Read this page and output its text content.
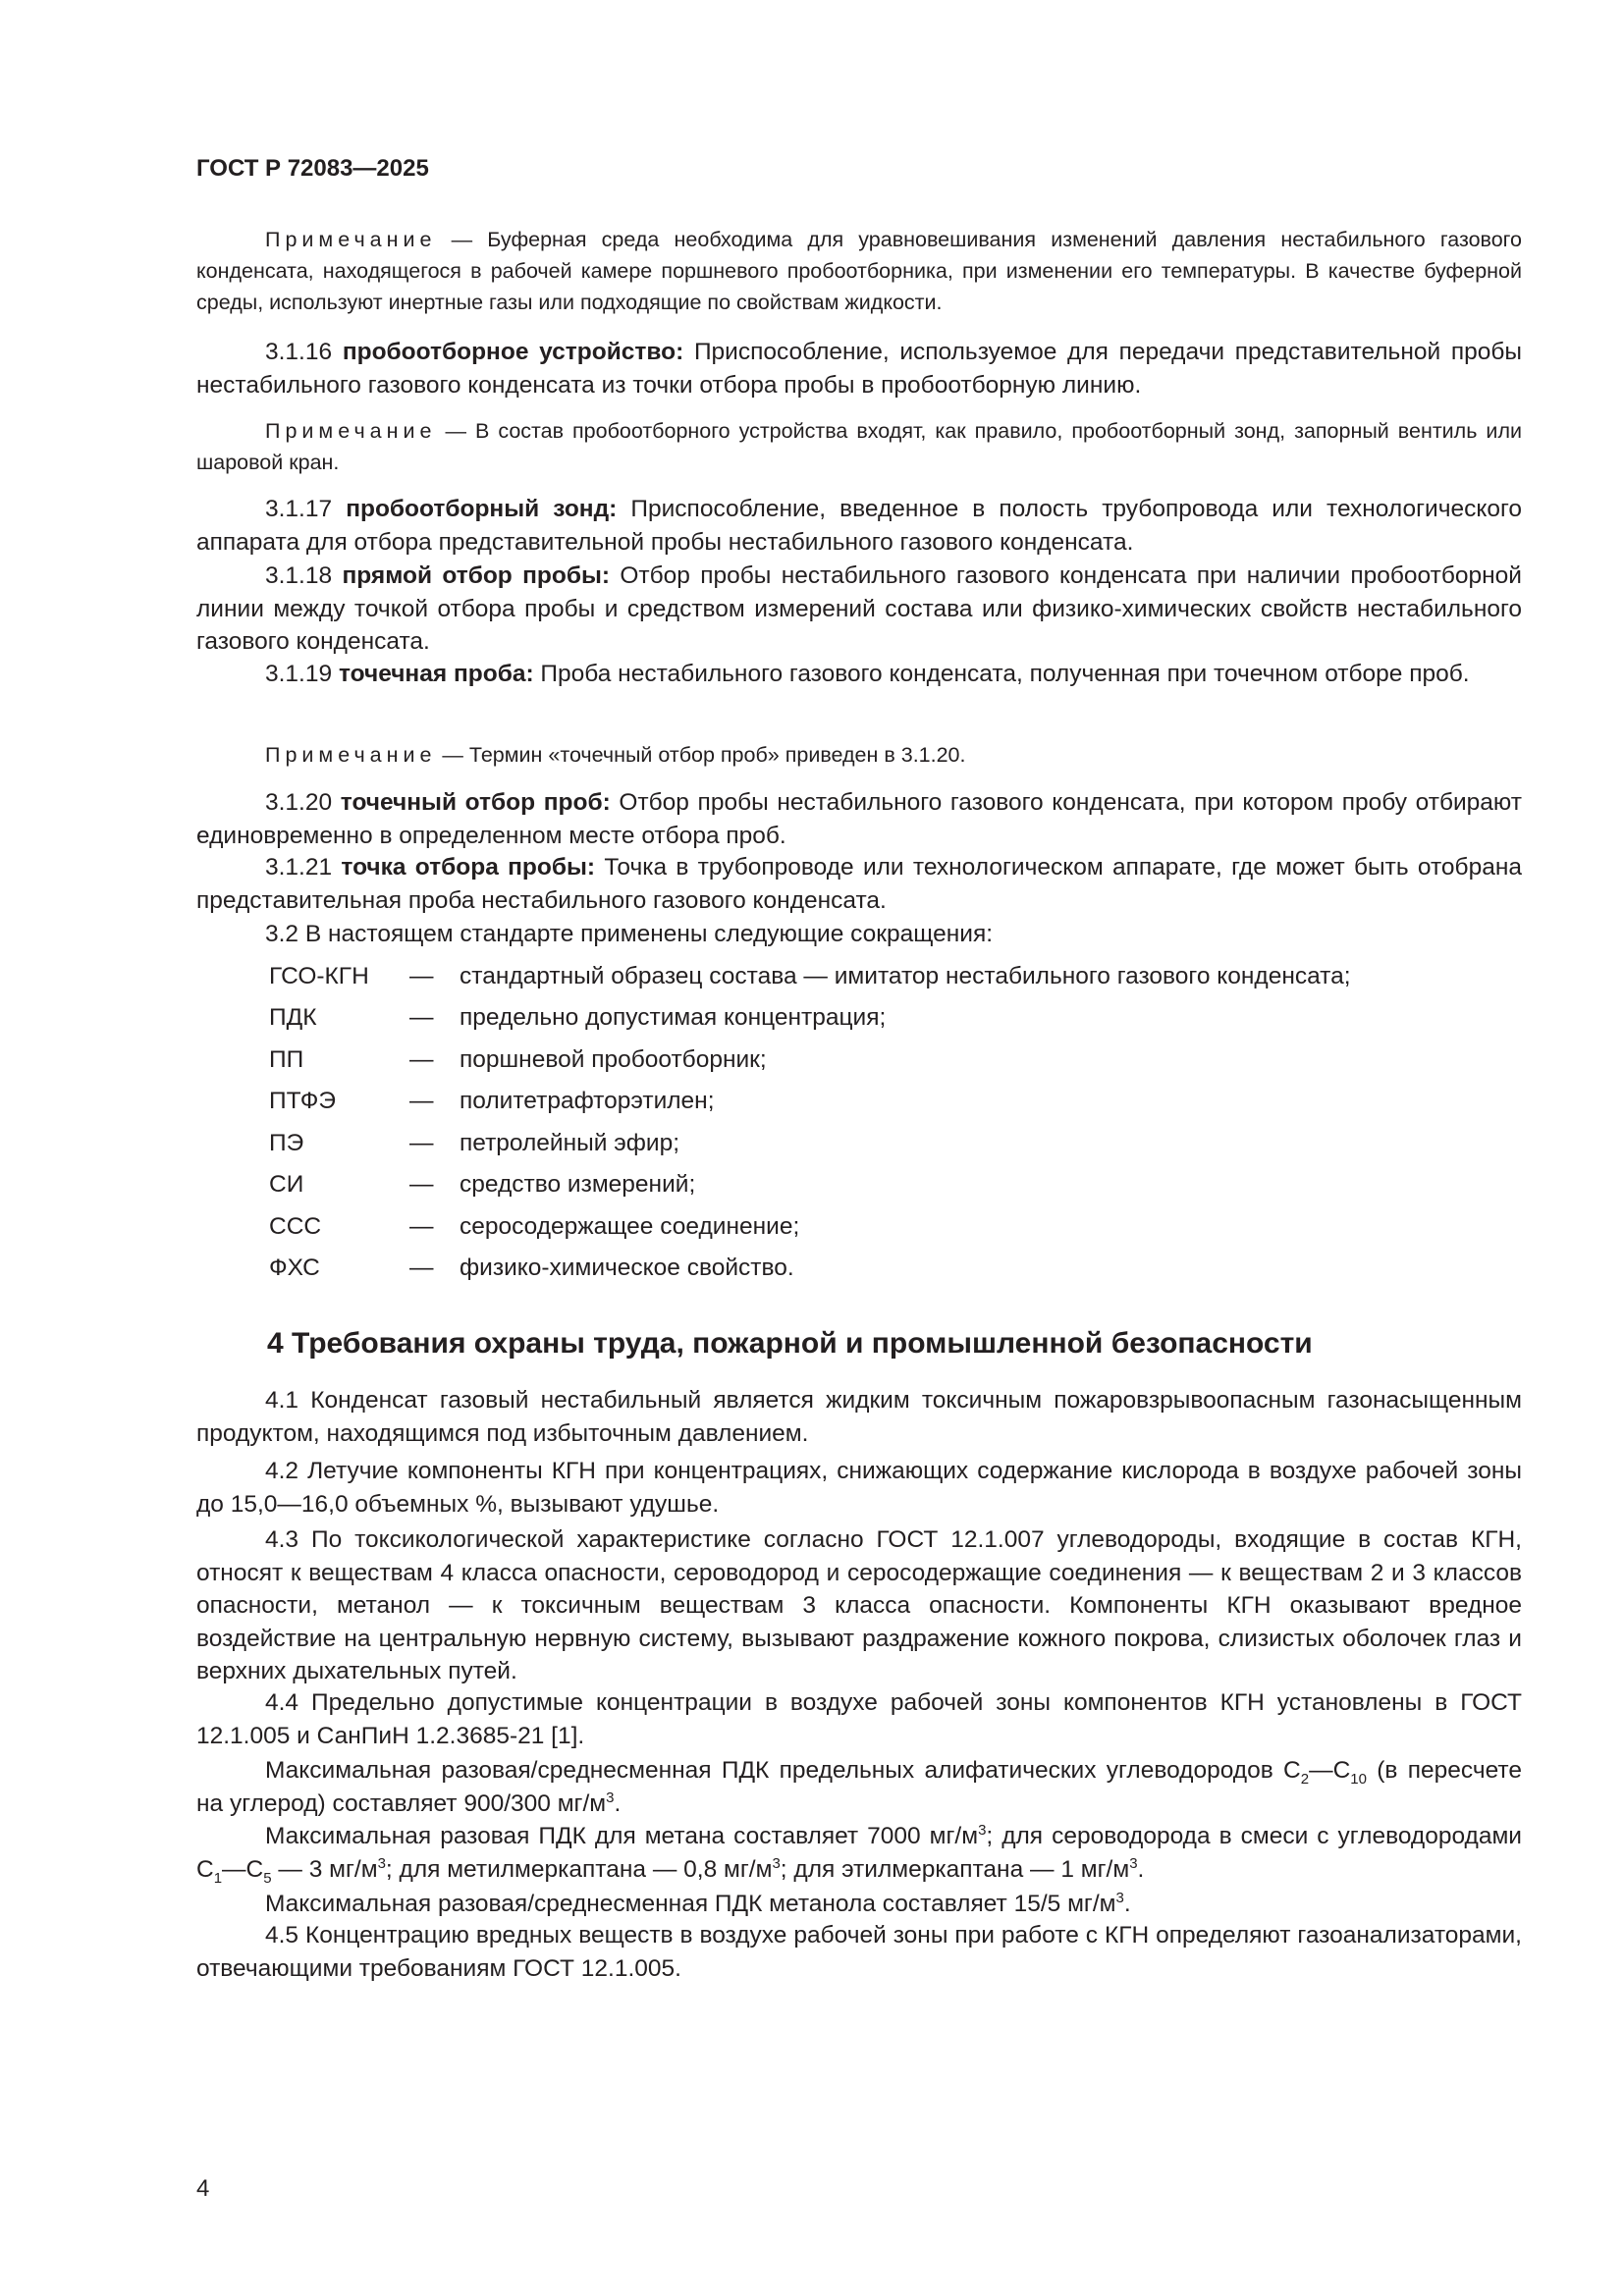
ГОСТ Р 72083—2025
Примечание — Буферная среда необходима для уравновешивания изменений давления нестабильного газового конденсата, находящегося в рабочей камере поршневого пробоотборника, при изменении его температуры. В качестве буферной среды, используют инертные газы или подходящие по свойствам жидкости.
3.1.16 пробоотборное устройство: Приспособление, используемое для передачи представительной пробы нестабильного газового конденсата из точки отбора пробы в пробоотборную линию.
Примечание — В состав пробоотборного устройства входят, как правило, пробоотборный зонд, запорный вентиль или шаровой кран.
3.1.17 пробоотборный зонд: Приспособление, введенное в полость трубопровода или технологического аппарата для отбора представительной пробы нестабильного газового конденсата.
3.1.18 прямой отбор пробы: Отбор пробы нестабильного газового конденсата при наличии пробоотборной линии между точкой отбора пробы и средством измерений состава или физико-химических свойств нестабильного газового конденсата.
3.1.19 точечная проба: Проба нестабильного газового конденсата, полученная при точечном отборе проб.
Примечание — Термин «точечный отбор проб» приведен в 3.1.20.
3.1.20 точечный отбор проб: Отбор пробы нестабильного газового конденсата, при котором пробу отбирают единовременно в определенном месте отбора проб.
3.1.21 точка отбора пробы: Точка в трубопроводе или технологическом аппарате, где может быть отобрана представительная проба нестабильного газового конденсата.
3.2 В настоящем стандарте применены следующие сокращения:
ГСО-КГН — стандартный образец состава — имитатор нестабильного газового конденсата;
ПДК	— предельно допустимая концентрация;
ПП	— поршневой пробоотборник;
ПТФЭ	— политетрафторэтилен;
ПЭ	— петролейный эфир;
СИ	— средство измерений;
ССС	— серосодержащее соединение;
ФХС	— физико-химическое свойство.
4 Требования охраны труда, пожарной и промышленной безопасности
4.1 Конденсат газовый нестабильный является жидким токсичным пожаровзрывоопасным газонасыщенным продуктом, находящимся под избыточным давлением.
4.2 Летучие компоненты КГН при концентрациях, снижающих содержание кислорода в воздухе рабочей зоны до 15,0—16,0 объемных %, вызывают удушье.
4.3 По токсикологической характеристике согласно ГОСТ 12.1.007 углеводороды, входящие в состав КГН, относят к веществам 4 класса опасности, сероводород и серосодержащие соединения — к веществам 2 и 3 классов опасности, метанол — к токсичным веществам 3 класса опасности. Компоненты КГН оказывают вредное воздействие на центральную нервную систему, вызывают раздражение кожного покрова, слизистых оболочек глаз и верхних дыхательных путей.
4.4 Предельно допустимые концентрации в воздухе рабочей зоны компонентов КГН установлены в ГОСТ 12.1.005 и СанПиН 1.2.3685-21 [1].
Максимальная разовая/среднесменная ПДК предельных алифатических углеводородов $C_2—C_{10}$ (в пересчете на углерод) составляет 900/300 $мг/м^3$.
Максимальная разовая ПДК для метана составляет 7000 $мг/м^3$; для сероводорода в смеси с углеводородами $C_1—C_5$ — 3 $мг/м^3$; для метилмеркаптана — 0,8 $мг/м^3$; для этилмеркаптана — 1 $мг/м^3$.
Максимальная разовая/среднесменная ПДК метанола составляет 15/5 $мг/м^3$.
4.5 Концентрацию вредных веществ в воздухе рабочей зоны при работе с КГН определяют газоанализаторами, отвечающими требованиям ГОСТ 12.1.005.
4
